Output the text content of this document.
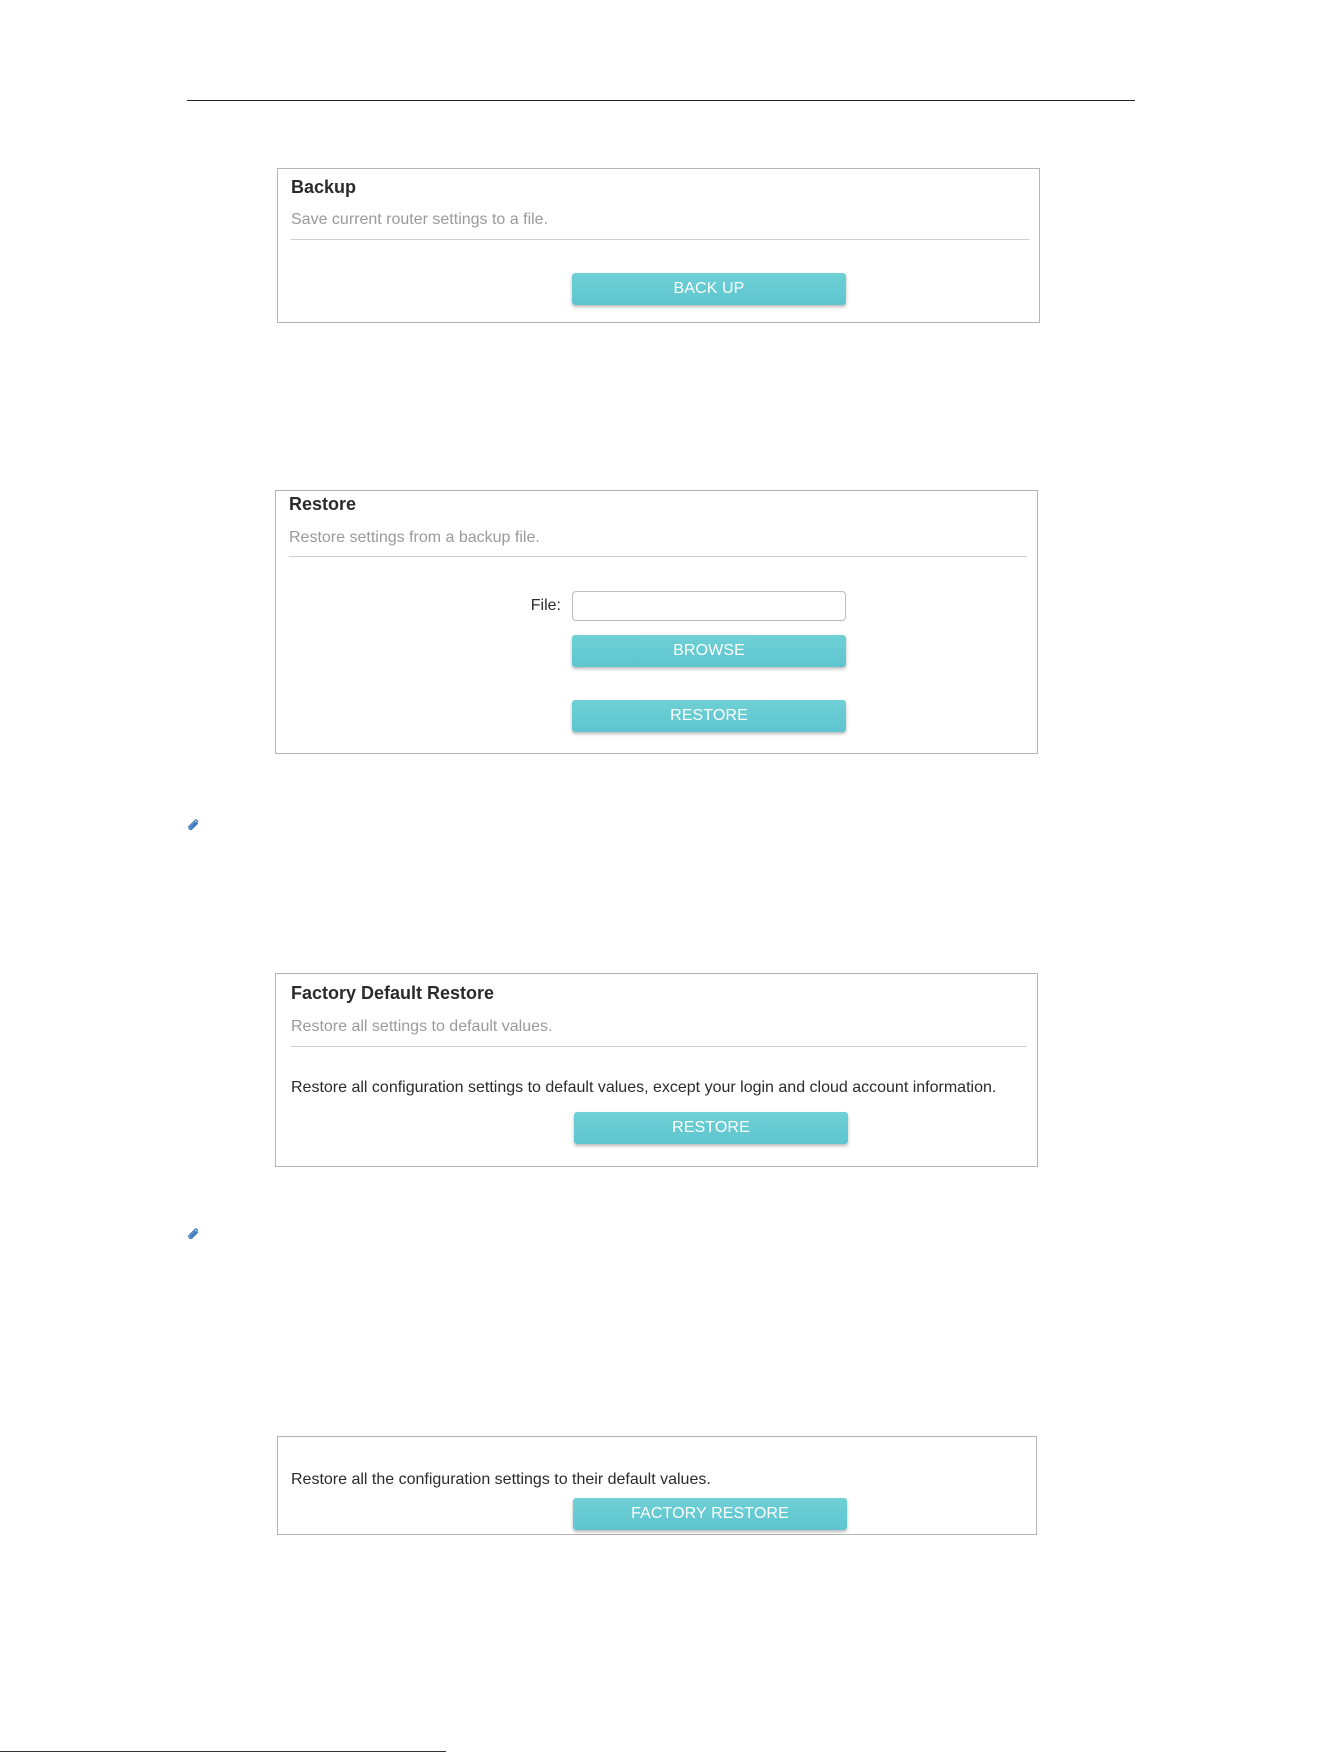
Backup
Save current router settings to a file.
BACK UP
Restore
Restore settings from a backup file.
File:
BROWSE
RESTORE
Factory Default Restore
Restore all settings to default values.
Restore all configuration settings to default values, except your login and cloud account information.
RESTORE
Restore all the configuration settings to their default values.
FACTORY RESTORE
